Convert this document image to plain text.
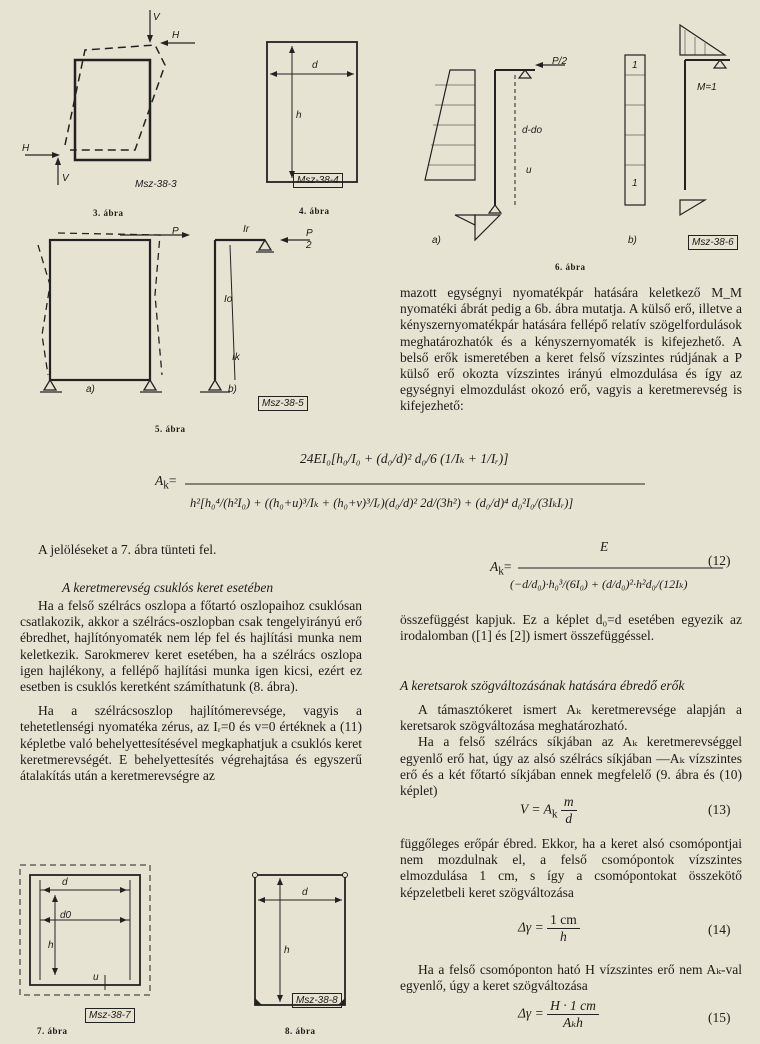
V
H
H
V
Msz-38-3
3. ábra
d
h
Msz-38-4
4. ábra
P	Ir	P
2
Io
Ik
a)	b)
Msz-38-5
5. ábra
P/2
d-do
u
1
1
M=1
a)	b)	Msz-38-6
6. ábra

mazott egységnyi nyomatékpár hatására keletkező M_M nyomatéki ábrát pedig a 6b. ábra mutatja. A külső erő, illetve a kényszernyomatékpár hatására fellépő relatív szögelfordulások meghatározhatók és a kényszernyomaték is kifejezhető. A belső erők ismeretében a keret felső vízszintes rúdjának a P külső erő okozta vízszintes irányú elmozdulása és így az egységnyi elmozdulást okozó erő, vagyis a keretmerevség is kifejezhető:

$A_k=$
24EI₀[h₀/I₀ + (d₀/d)² d₀/6 (1/Iₖ + 1/Iᵣ)]
h²[h₀⁴/(h²I₀) + ((h₀+u)³/Iₖ + (h₀+v)³/Iᵣ)(d₀/d)² 2d/(3h²) + (d₀/d)⁴ d₀²I₀/(3IₖIᵣ)]

A jelöléseket a 7. ábra tünteti fel.

A keretmerevség csuklós keret esetében

Ha a felső szélrács oszlopa a főtartó oszlopaihoz csuklósan csatlakozik, akkor a szélrács-oszlopban csak tengelyirányú erő ébredhet, hajlítónyomaték nem lép fel és hajlítási munka nem keletkezik. Sarokmerev keret esetében, ha a szélrács oszlopa igen hajlékony, a fellépő hajlítási munka igen kicsi, ezért ez esetben is csuklós keretként számíthatunk (8. ábra).

Ha a szélrácsoszlop hajlítómerevsége, vagyis a tehetetlenségi nyomatéka zérus, az Iᵣ=0 és v=0 értéknek a (11) képletbe való behelyettesítésével megkaphatjuk a csuklós keret keretmerevségét. E behelyettesítés végrehajtása és egyszerű átalakítás után a keretmerevségre az

$A_k=$
E
(−d/d₀)·h₀³/(6I₀) + (d/d₀)²·h²d₀/(12Iₖ)
(12)

összefüggést kapjuk. Ez a képlet d₀=d esetében egyezik az irodalomban ([1] és [2]) ismert összefüggéssel.

A keretsarok szögváltozásának hatására ébredő erők

A támasztókeret ismert Aₖ keretmerevsége alapján a keretsarok szögváltozása meghatározható.

Ha a felső szélrács síkjában az Aₖ keretmerevséggel egyenlő erő hat, úgy az alsó szélrács síkjában —Aₖ vízszintes erő és a két főtartó síkjában ennek megfelelő (9. ábra és (10) képlet)

$V = A_k \frac{m}{d}$	(13)

függőleges erőpár ébred. Ekkor, ha a keret alsó csomópontjai nem mozdulnak el, a felső csomópontok vízszintes elmozdulása 1 cm, s így a csomópontokat összekötő képzeletbeli keret szögváltozása

$\Delta\gamma = \frac{1 cm}{h}$	(14)

Ha a felső csomóponton ható H vízszintes erő nem Aₖ-val egyenlő, úgy a keret szögváltozása

$\Delta\gamma = \frac{H \cdot 1 cm}{\text{Aₖh}}$	(15)
d
d0
h
u
Msz-38-7
7. ábra
d
h
Msz-38-8
8. ábra
